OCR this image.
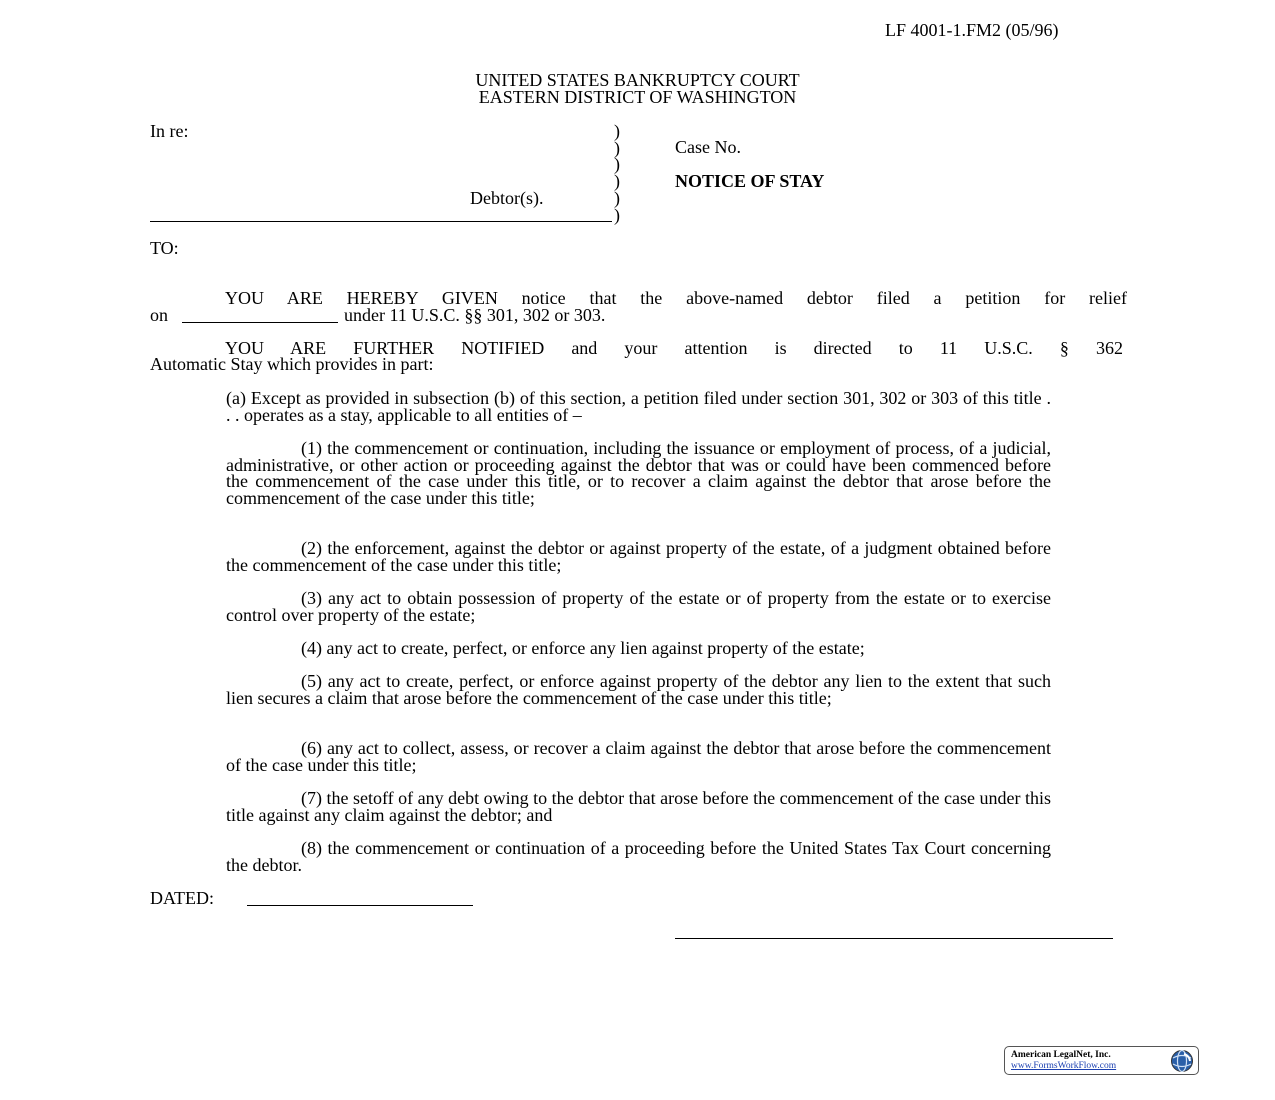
LF 4001-1.FM2 (05/96)
UNITED STATES BANKRUPTCY COURT
EASTERN DISTRICT OF WASHINGTON
In re:	)
)
)
)
)
)
Case No.
NOTICE OF STAY
Debtor(s).
TO:
YOU ARE HEREBY GIVEN notice that the above-named debtor filed a petition for relief
on	under 11 U.S.C. §§ 301, 302 or 303.
YOU ARE FURTHER NOTIFIED and your attention is directed to 11 U.S.C. § 362
Automatic Stay which provides in part:
(a) Except as provided in subsection (b) of this section, a petition filed under section 301, 302 or 303 of this title . . . operates as a stay, applicable to all entities of –
(1) the commencement or continuation, including the issuance or employment of process, of a judicial, administrative, or other action or proceeding against the debtor that was or could have been commenced before the commencement of the case under this title, or to recover a claim against the debtor that arose before the commencement of the case under this title;
(2) the enforcement, against the debtor or against property of the estate, of a judgment obtained before the commencement of the case under this title;
(3) any act to obtain possession of property of the estate or of property from the estate or to exercise control over property of the estate;
(4) any act to create, perfect, or enforce any lien against property of the estate;
(5) any act to create, perfect, or enforce against property of the debtor any lien to the extent that such lien secures a claim that arose before the commencement of the case under this title;
(6) any act to collect, assess, or recover a claim against the debtor that arose before the commencement of the case under this title;
(7) the setoff of any debt owing to the debtor that arose before the commencement of the case under this title against any claim against the debtor; and
(8) the commencement or continuation of a proceeding before the United States Tax Court concerning the debtor.
DATED:
American LegalNet, Inc.
www.FormsWorkFlow.com
